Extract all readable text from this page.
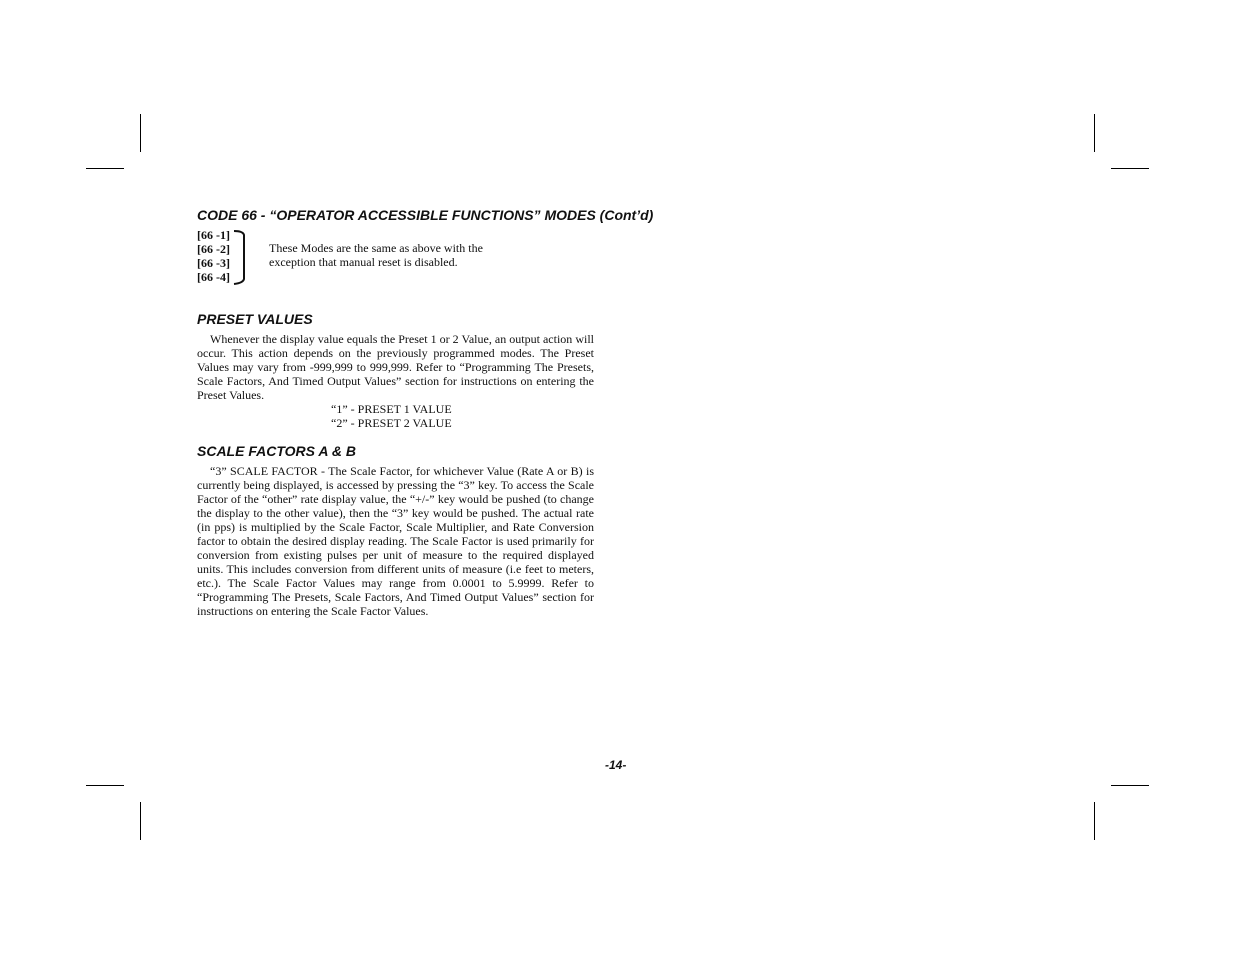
CODE 66 - “OPERATOR ACCESSIBLE FUNCTIONS” MODES (Cont’d)
[66 -1]
[66 -2]
[66 -3]
[66 -4]
These Modes are the same as above with the
exception that manual reset is disabled.
PRESET VALUES

Whenever the display value equals the Preset 1 or 2 Value, an output action will occur. This action depends on the previously programmed modes. The Preset Values may vary from -999,999 to 999,999. Refer to “Programming The Presets, Scale Factors, And Timed Output Values” section for instructions on entering the Preset Values.

“1” - PRESET 1 VALUE
“2” - PRESET 2 VALUE
SCALE FACTORS A & B

“3” SCALE FACTOR - The Scale Factor, for whichever Value (Rate A or B) is currently being displayed, is accessed by pressing the “3” key. To access the Scale Factor of the “other” rate display value, the “+/-” key would be pushed (to change the display to the other value), then the “3” key would be pushed. The actual rate (in pps) is multiplied by the Scale Factor, Scale Multiplier, and Rate Conversion factor to obtain the desired display reading. The Scale Factor is used primarily for conversion from existing pulses per unit of measure to the required displayed units. This includes conversion from different units of measure (i.e feet to meters, etc.). The Scale Factor Values may range from 0.0001 to 5.9999. Refer to “Programming The Presets, Scale Factors, And Timed Output Values” section for instructions on entering the Scale Factor Values.

-14-
